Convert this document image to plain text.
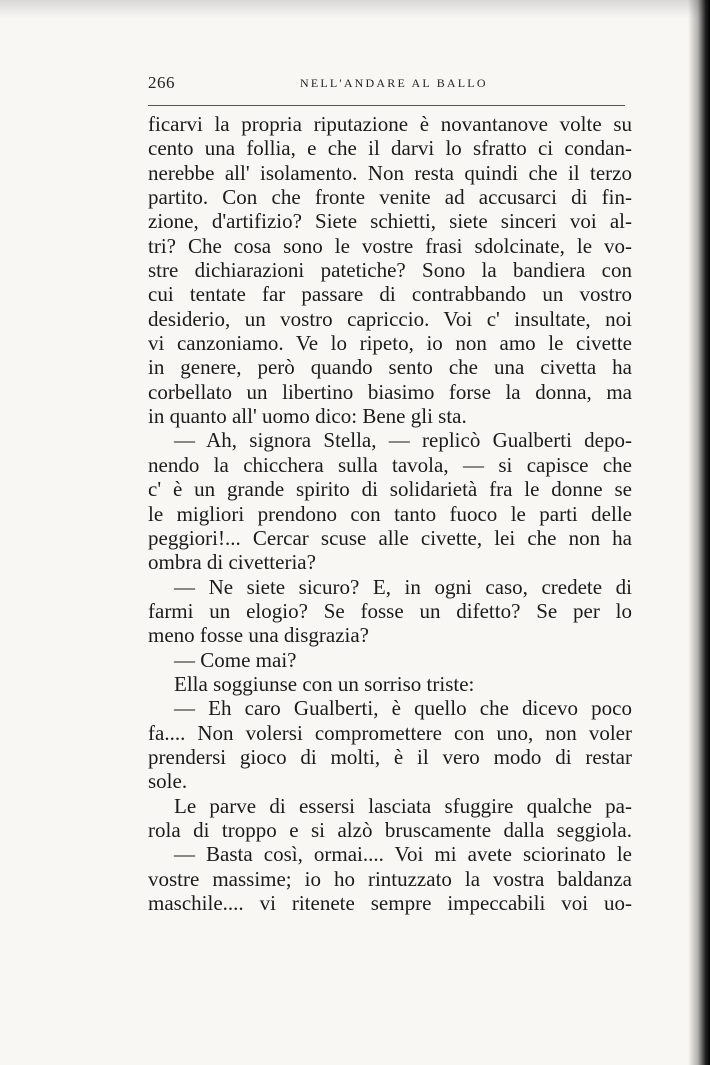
266	NELL'ANDARE AL BALLO
ficarvi la propria riputazione è novantanove volte su
cento una follia, e che il darvi lo sfratto ci condan-
nerebbe all' isolamento. Non resta quindi che il terzo
partito. Con che fronte venite ad accusarci di fin-
zione, d'artifizio? Siete schietti, siete sinceri voi al-
tri? Che cosa sono le vostre frasi sdolcinate, le vo-
stre dichiarazioni patetiche? Sono la bandiera con
cui tentate far passare di contrabbando un vostro
desiderio, un vostro capriccio. Voi c' insultate, noi
vi canzoniamo. Ve lo ripeto, io non amo le civette
in genere, però quando sento che una civetta ha
corbellato un libertino biasimo forse la donna, ma
in quanto all' uomo dico: Bene gli sta.
— Ah, signora Stella, — replicò Gualberti depo-
nendo la chicchera sulla tavola, — si capisce che
c' è un grande spirito di solidarietà fra le donne se
le migliori prendono con tanto fuoco le parti delle
peggiori!... Cercar scuse alle civette, lei che non ha
ombra di civetteria?
— Ne siete sicuro? E, in ogni caso, credete di
farmi un elogio? Se fosse un difetto? Se per lo
meno fosse una disgrazia?
— Come mai?
Ella soggiunse con un sorriso triste:
— Eh caro Gualberti, è quello che dicevo poco
fa.... Non volersi compromettere con uno, non voler
prendersi gioco di molti, è il vero modo di restar
sole.
Le parve di essersi lasciata sfuggire qualche pa-
rola di troppo e si alzò bruscamente dalla seggiola.
— Basta così, ormai.... Voi mi avete sciorinato le
vostre massime; io ho rintuzzato la vostra baldanza
maschile.... vi ritenete sempre impeccabili voi uo-
